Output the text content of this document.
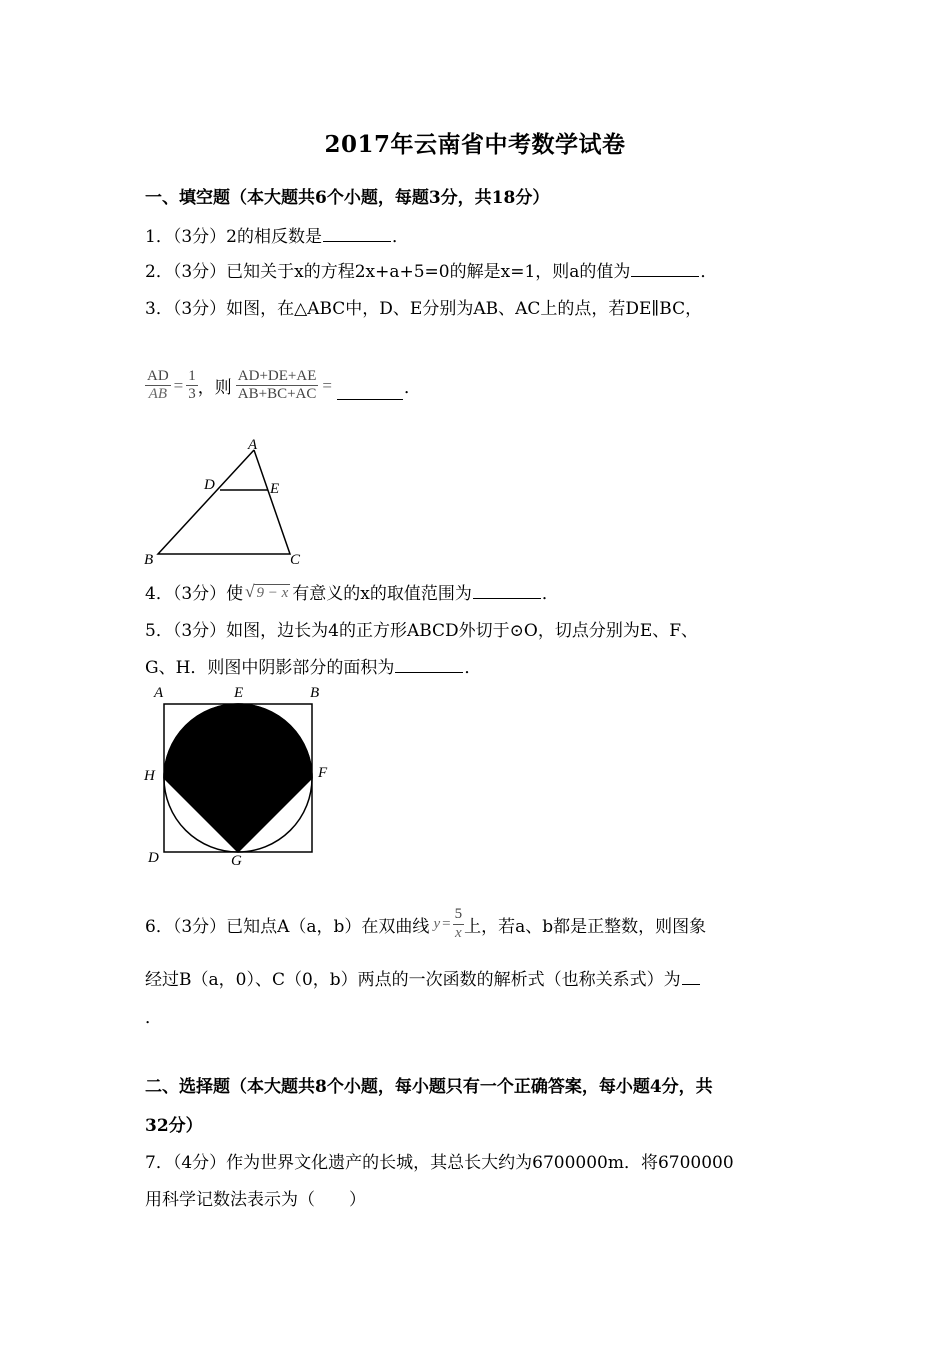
2017年云南省中考数学试卷
一、填空题（本大题共6个小题，每题3分，共18分）
1．（3分）2的相反数是	．
2．（3分）已知关于x的方程2x+a+5=0的解是x=1，则a的值为	．
3．（3分）如图，在△ABC中，D、E分别为AB、AC上的点，若DE∥BC，
$\frac{AD}{AB} = \frac{1}{3}$ ，则 $\frac{AD+DE+AE}{AB+BC+AC}$ =	．
A
D	E
B	C
4．（3分）使 √ 9 − x 有意义的x的取值范围为	．
5．（3分）如图，边长为4的正方形ABCD外切于⊙O，切点分别为E、F、
G、H．则图中阴影部分的面积为	．
A	E	B
H	F
D	G
6．（3分）已知点A（a，b）在双曲线 $y = \frac{5}{x}$ 上，若a、b都是正整数，则图象
经过B（a，0）、C（0，b）两点的一次函数的解析式（也称关系式）为
．
二、选择题（本大题共8个小题，每小题只有一个正确答案，每小题4分，共
32分）
7．（4分）作为世界文化遗产的长城，其总长大约为6700000m．将6700000
用科学记数法表示为（　　）
